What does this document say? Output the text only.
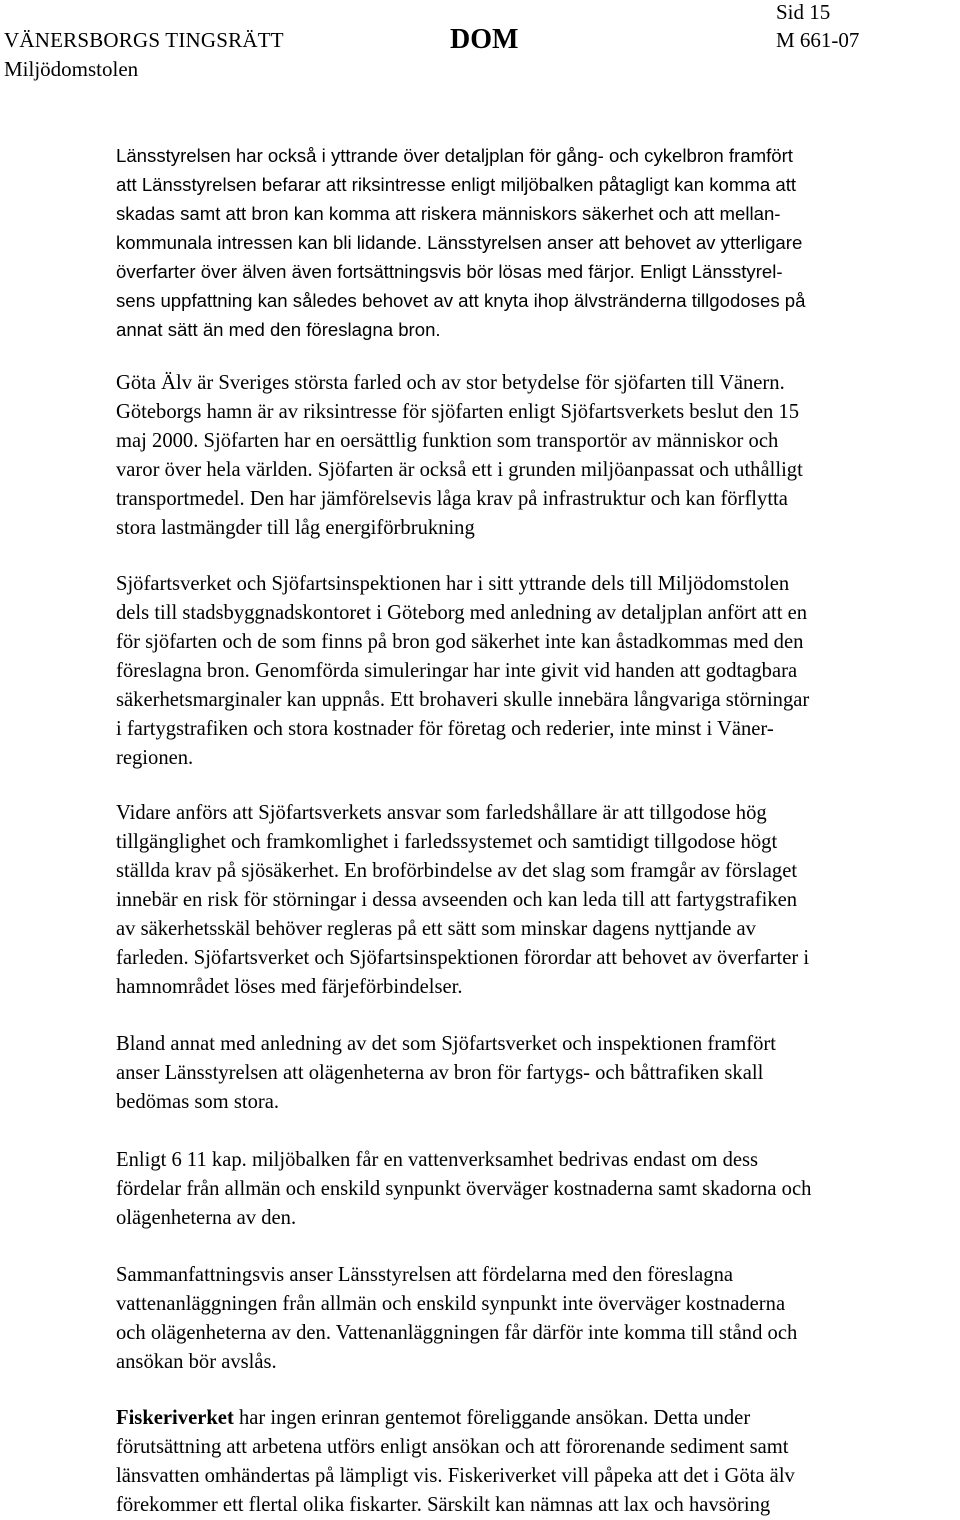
Sid 15
VÄNERSBORGS TINGSRÄTT	DOM	M 661-07
Miljödomstolen
Länsstyrelsen har också i yttrande över detaljplan för gång- och cykelbron framfört
att Länsstyrelsen befarar att riksintresse enligt miljöbalken påtagligt kan komma att
skadas samt att bron kan komma att riskera människors säkerhet och att mellan-
kommunala intressen kan bli lidande. Länsstyrelsen anser att behovet av ytterligare
överfarter över älven även fortsättningsvis bör lösas med färjor. Enligt Länsstyrel-
sens uppfattning kan således behovet av att knyta ihop älvstränderna tillgodoses på
annat sätt än med den föreslagna bron.
Göta Älv är Sveriges största farled och av stor betydelse för sjöfarten till Vänern.
Göteborgs hamn är av riksintresse för sjöfarten enligt Sjöfartsverkets beslut den 15
maj 2000. Sjöfarten har en oersättlig funktion som transportör av människor och
varor över hela världen. Sjöfarten är också ett i grunden miljöanpassat och uthålligt
transportmedel. Den har jämförelsevis låga krav på infrastruktur och kan förflytta
stora lastmängder till låg energiförbrukning
Sjöfartsverket och Sjöfartsinspektionen har i sitt yttrande dels till Miljödomstolen
dels till stadsbyggnadskontoret i Göteborg med anledning av detaljplan anfört att en
för sjöfarten och de som finns på bron god säkerhet inte kan åstadkommas med den
föreslagna bron. Genomförda simuleringar har inte givit vid handen att godtagbara
säkerhetsmarginaler kan uppnås. Ett brohaveri skulle innebära långvariga störningar
i fartygstrafiken och stora kostnader för företag och rederier, inte minst i Väner-
regionen.
Vidare anförs att Sjöfartsverkets ansvar som farledshållare är att tillgodose hög
tillgänglighet och framkomlighet i farledssystemet och samtidigt tillgodose högt
ställda krav på sjösäkerhet. En broförbindelse av det slag som framgår av förslaget
innebär en risk för störningar i dessa avseenden och kan leda till att fartygstrafiken
av säkerhetsskäl behöver regleras på ett sätt som minskar dagens nyttjande av
farleden. Sjöfartsverket och Sjöfartsinspektionen förordar att behovet av överfarter i
hamnområdet löses med färjeförbindelser.
Bland annat med anledning av det som Sjöfartsverket och inspektionen framfört
anser Länsstyrelsen att olägenheterna av bron för fartygs- och båttrafiken skall
bedömas som stora.
Enligt 6 11 kap. miljöbalken får en vattenverksamhet bedrivas endast om dess
fördelar från allmän och enskild synpunkt överväger kostnaderna samt skadorna och
olägenheterna av den.
Sammanfattningsvis anser Länsstyrelsen att fördelarna med den föreslagna
vattenanläggningen från allmän och enskild synpunkt inte överväger kostnaderna
och olägenheterna av den. Vattenanläggningen får därför inte komma till stånd och
ansökan bör avslås.
Fiskeriverket har ingen erinran gentemot föreliggande ansökan. Detta under
förutsättning att arbetena utförs enligt ansökan och att förorenande sediment samt
länsvatten omhändertas på lämpligt vis. Fiskeriverket vill påpeka att det i Göta älv
förekommer ett flertal olika fiskarter. Särskilt kan nämnas att lax och havsöring
